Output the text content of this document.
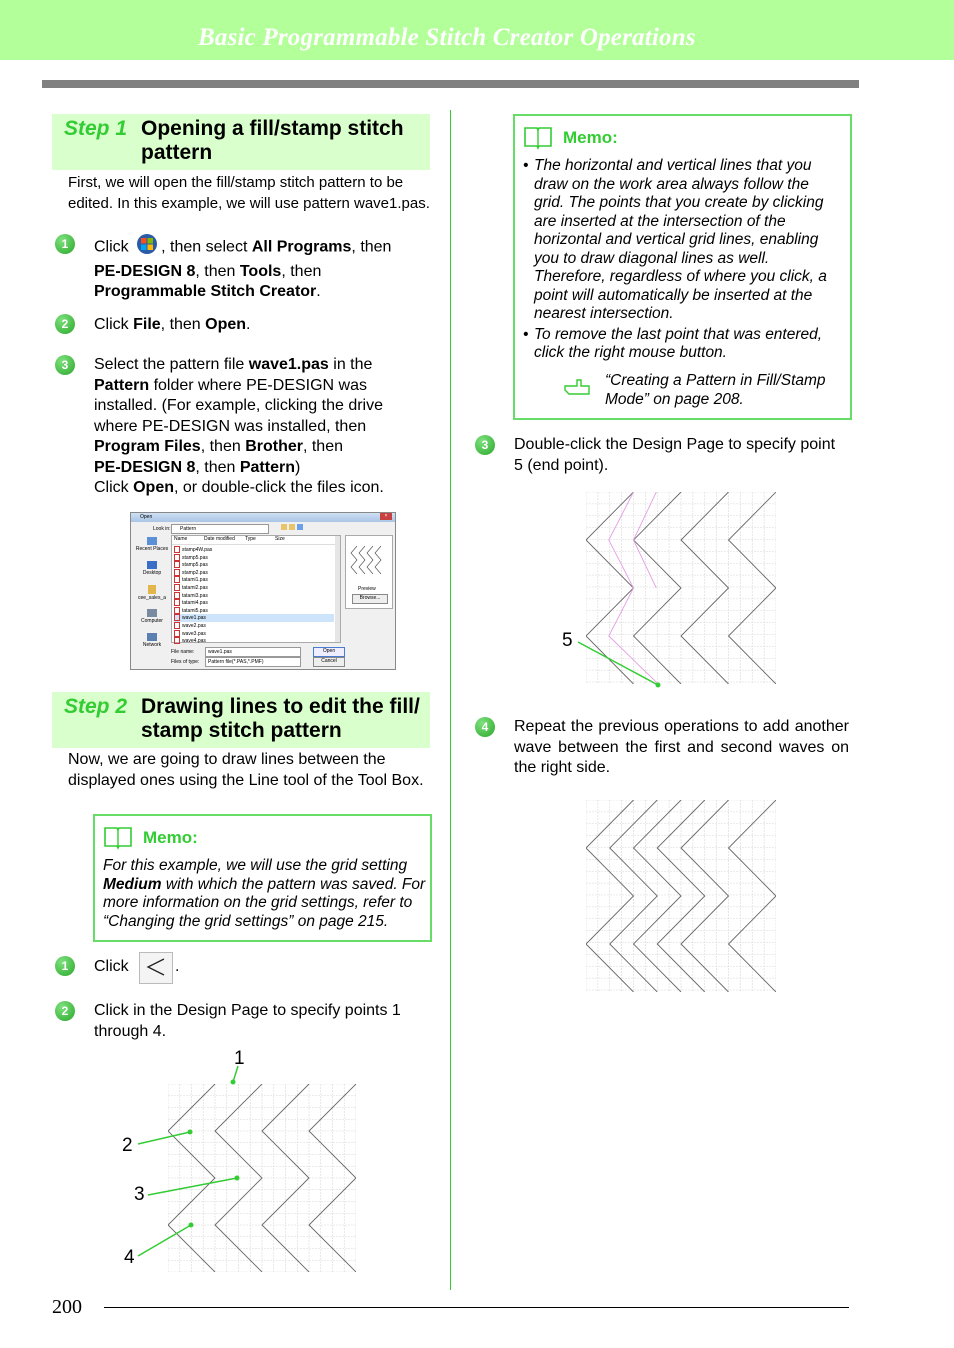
Basic Programmable Stitch Creator Operations
Step 1 Opening a fill/stamp stitch pattern
First, we will open the fill/stamp stitch pattern to be
edited. In this example, we will use pattern wave1.pas.
1	Click , then select All Programs, then
PE-DESIGN 8, then Tools, then
Programmable Stitch Creator.
2	Click File, then Open.
3	Select the pattern file wave1.pas in the
Pattern folder where PE-DESIGN was
installed. (For example, clicking the drive
where PE-DESIGN was installed, then
Program Files, then Brother, then
PE-DESIGN 8, then Pattern)
Click Open, or double-click the files icon.
Open	×
Look in: Pattern
Recent Places
Desktop
cee_sales_a
Computer
Network
Name	Date modified Type	Size
stamp4W.pas
stamp5.pas
stamp5.pas
stamp2.pas
tatami1.pas
tatami2.pas
tatami3.pas
tatami4.pas
tatami5.pas
wave1.pas
wave2.pas
wave3.pas
wave4.pas
Preview
Browse...
File name:	wave1.pas
Files of type: Pattern file(*.PAS,*.PMF)
Open
Cancel
Step 2 Drawing lines to edit the fill/ stamp stitch pattern
Now, we are going to draw lines between the
displayed ones using the Line tool of the Tool Box.
Memo:
For this example, we will use the grid setting
Medium with which the pattern was saved. For
more information on the grid settings, refer to
“Changing the grid settings” on page 215.
1	Click	.
2	Click in the Design Page to specify points 1
through 4.
1
2
3
4
Memo:
• The horizontal and vertical lines that you
draw on the work area always follow the
grid. The points that you create by clicking
are inserted at the intersection of the
horizontal and vertical grid lines, enabling
you to draw diagonal lines as well.
Therefore, regardless of where you click, a
point will automatically be inserted at the
nearest intersection.
• To remove the last point that was entered,
click the right mouse button.
“Creating a Pattern in Fill/Stamp
Mode” on page 208.
3	Double-click the Design Page to specify point
5 (end point).
5
4	Repeat the previous operations to add another wave between the first and second waves on the right side.
200
